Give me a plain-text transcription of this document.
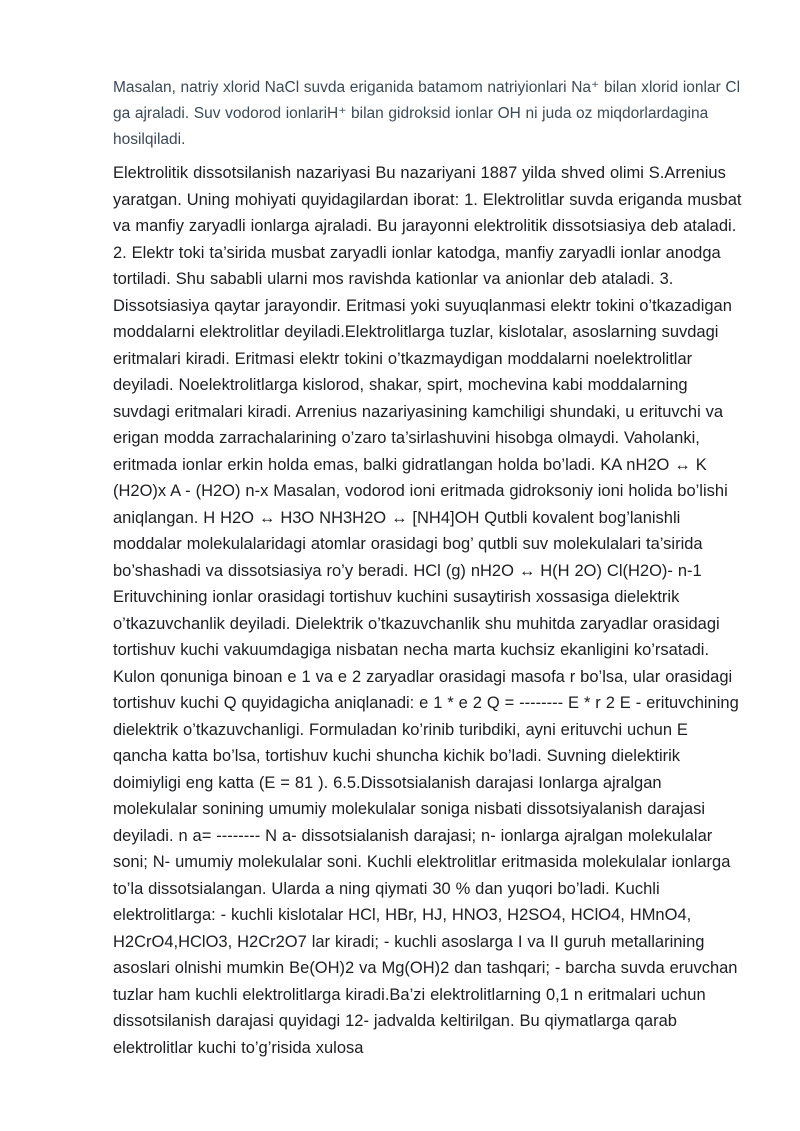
Masalan, natriy xlorid NaCl suvda eriganida batamom natriyionlari Na⁺ bilan xlorid ionlar Cl ga ajraladi. Suv vodorod ionlariH⁺ bilan gidroksid ionlar OH ni juda oz miqdorlardagina hosilqiladi.

Elektrolitik dissotsilanish nazariyasi Bu nazariyani 1887 yilda shved olimi S.Arrenius yaratgan. Uning mohiyati quyidagilardan iborat: 1. Elektrolitlar suvda eriganda musbat va manfiy zaryadli ionlarga ajraladi. Bu jarayonni elektrolitik dissotsiasiya deb ataladi. 2. Elektr toki ta’sirida musbat zaryadli ionlar katodga, manfiy zaryadli ionlar anodga tortiladi. Shu sababli ularni mos ravishda kationlar va anionlar deb ataladi. 3. Dissotsiasiya qaytar jarayondir. Eritmasi yoki suyuqlanmasi elektr tokini o’tkazadigan moddalarni elektrolitlar deyiladi.Elektrolitlarga tuzlar, kislotalar, asoslarning suvdagi eritmalari kiradi. Eritmasi elektr tokini o’tkazmaydigan moddalarni noelektrolitlar deyiladi. Noelektrolitlarga kislorod, shakar, spirt, mochevina kabi moddalarning suvdagi eritmalari kiradi. Arrenius nazariyasining kamchiligi shundaki, u erituvchi va erigan modda zarrachalarining o’zaro ta’sirlashuvini hisobga olmaydi. Vaholanki, eritmada ionlar erkin holda emas, balki gidratlangan holda bo’ladi. KA nH2O ↔ K (H2O)x A - (H2O) n-x Masalan, vodorod ioni eritmada gidroksoniy ioni holida bo’lishi aniqlangan. H H2O ↔ H3O NH3H2O ↔ [NH4]OH Qutbli kovalent bog’lanishli moddalar molekulalaridagi atomlar orasidagi bog’ qutbli suv molekulalari ta’sirida bo’shashadi va dissotsiasiya ro’y beradi. HCl (g) nH2O ↔ H(H 2O) Cl(H2O)- n-1 Erituvchining ionlar orasidagi tortishuv kuchini susaytirish xossasiga dielektrik o’tkazuvchanlik deyiladi. Dielektrik o’tkazuvchanlik shu muhitda zaryadlar orasidagi tortishuv kuchi vakuumdagiga nisbatan necha marta kuchsiz ekanligini ko’rsatadi. Kulon qonuniga binoan e 1 va e 2 zaryadlar orasidagi masofa r bo’lsa, ular orasidagi tortishuv kuchi Q quyidagicha aniqlanadi: e 1 * e 2 Q = -------- E * r 2 E - erituvchining dielektrik o’tkazuvchanligi. Formuladan ko’rinib turibdiki, ayni erituvchi uchun E qancha katta bo’lsa, tortishuv kuchi shuncha kichik bo’ladi. Suvning dielektirik doimiyligi eng katta (E = 81 ). 6.5.Dissotsialanish darajasi Ionlarga ajralgan molekulalar sonining umumiy molekulalar soniga nisbati dissotsiyalanish darajasi deyiladi. n a= -------- N a- dissotsialanish darajasi; n- ionlarga ajralgan molekulalar soni; N- umumiy molekulalar soni. Kuchli elektrolitlar eritmasida molekulalar ionlarga to’la dissotsialangan. Ularda a ning qiymati 30 % dan yuqori bo’ladi. Kuchli elektrolitlarga: - kuchli kislotalar HCl, HBr, HJ, HNO3, H2SO4, HClO4, HMnO4, H2CrO4,HClO3, H2Cr2O7 lar kiradi; - kuchli asoslarga I va II guruh metallarining asoslari olnishi mumkin Be(OH)2 va Mg(OH)2 dan tashqari; - barcha suvda eruvchan tuzlar ham kuchli elektrolitlarga kiradi.Ba’zi elektrolitlarning 0,1 n eritmalari uchun dissotsilanish darajasi quyidagi 12- jadvalda keltirilgan. Bu qiymatlarga qarab elektrolitlar kuchi to’g’risida xulosa
